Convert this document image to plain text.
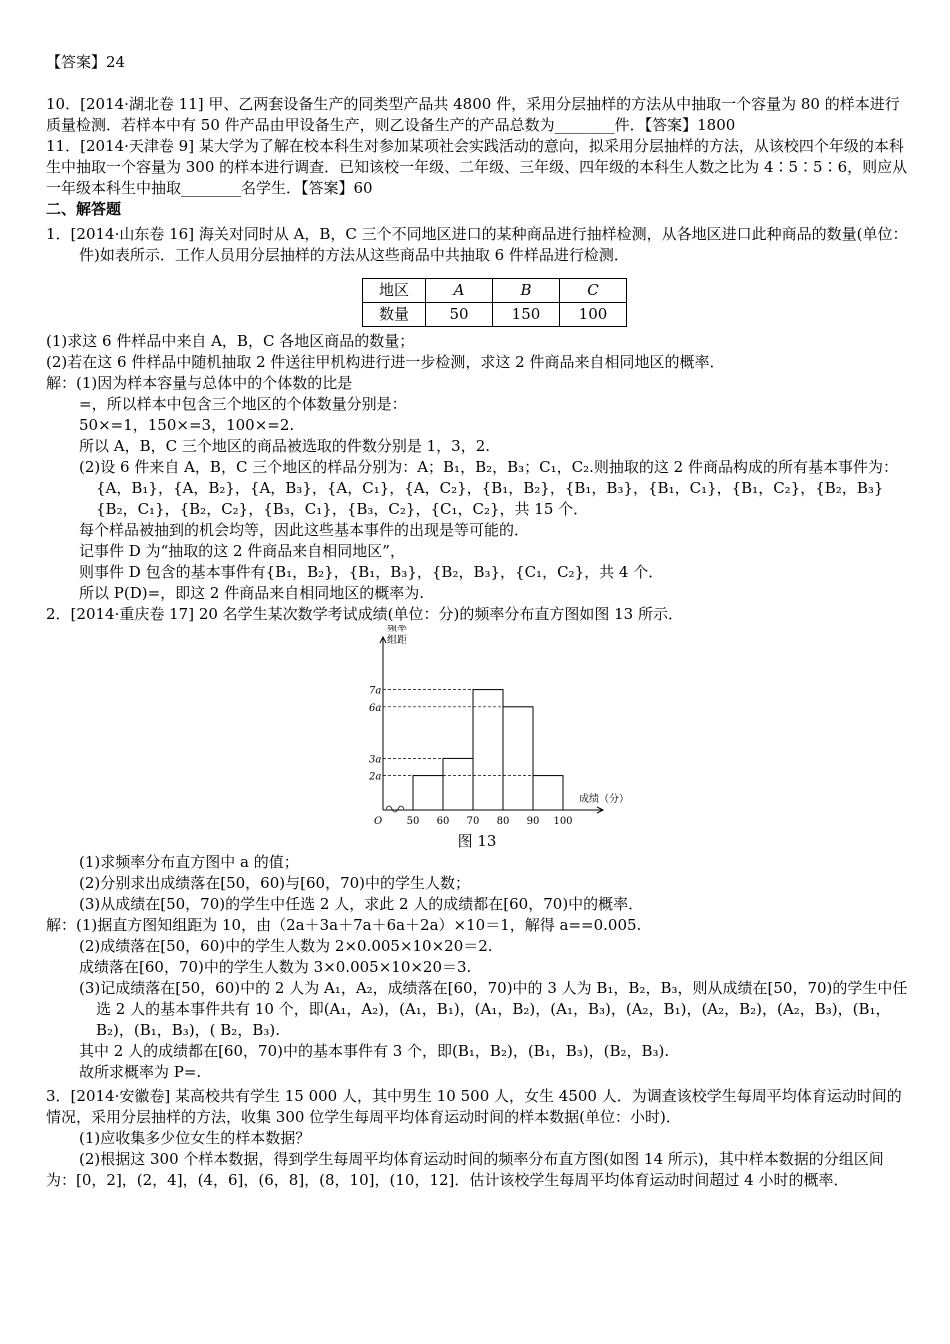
【答案】24

10．[2014·湖北卷 11] 甲、乙两套设备生产的同类型产品共 4800 件，采用分层抽样的方法从中抽取一个容量为 80 的样本进行质量检测．若样本中有 50 件产品由甲设备生产，则乙设备生产的产品总数为________件．【答案】1800

11．[2014·天津卷 9] 某大学为了解在校本科生对参加某项社会实践活动的意向，拟采用分层抽样的方法，从该校四个年级的本科生中抽取一个容量为 300 的样本进行调查．已知该校一年级、二年级、三年级、四年级的本科生人数之比为 4∶5∶5∶6，则应从一年级本科生中抽取________名学生．【答案】60

二、解答题

1．[2014·山东卷 16] 海关对同时从 A，B，C 三个不同地区进口的某种商品进行抽样检测，从各地区进口此种商品的数量(单位：件)如表所示．工作人员用分层抽样的方法从这些商品中共抽取 6 件样品进行检测．

地区	A	B	C
数量	50	150	100

(1)求这 6 件样品中来自 A，B，C 各地区商品的数量；

(2)若在这 6 件样品中随机抽取 2 件送往甲机构进行进一步检测，求这 2 件商品来自相同地区的概率．

解：(1)因为样本容量与总体中的个体数的比是

=，所以样本中包含三个地区的个体数量分别是：

50×=1，150×=3，100×=2.

所以 A，B，C 三个地区的商品被选取的件数分别是 1，3，2.

(2)设 6 件来自 A，B，C 三个地区的样品分别为：A；B₁，B₂，B₃；C₁，C₂.则抽取的这 2 件商品构成的所有基本事件为：{A，B₁}，{A，B₂}，{A，B₃}，{A，C₁}，{A，C₂}，{B₁，B₂}，{B₁，B₃}，{B₁，C₁}，{B₁，C₂}，{B₂，B₃}{B₂，C₁}，{B₂，C₂}，{B₃，C₁}，{B₃，C₂}，{C₁，C₂}，共 15 个．

每个样品被抽到的机会均等，因此这些基本事件的出现是等可能的．

记事件 D 为“抽取的这 2 件商品来自相同地区”，

则事件 D 包含的基本事件有{B₁，B₂}，{B₁，B₃}，{B₂，B₃}，{C₁，C₂}，共 4 个．

所以 P(D)=，即这 2 件商品来自相同地区的概率为.

2．[2014·重庆卷 17] 20 名学生某次数学考试成绩(单位：分)的频率分布直方图如图 13 所示．

频率
组距
成绩（分）
O
2a
3a
6a
7a
50 60 70 80 90 100

图 13

(1)求频率分布直方图中 a 的值；

(2)分别求出成绩落在[50，60)与[60，70)中的学生人数；

(3)从成绩在[50，70)的学生中任选 2 人，求此 2 人的成绩都在[60，70)中的概率．

解：(1)据直方图知组距为 10，由（2a＋3a＋7a＋6a＋2a）×10＝1，解得 a==0.005.

(2)成绩落在[50，60)中的学生人数为 2×0.005×10×20＝2.

成绩落在[60，70)中的学生人数为 3×0.005×10×20＝3.

(3)记成绩落在[50，60)中的 2 人为 A₁，A₂，成绩落在[60，70)中的 3 人为 B₁，B₂，B₃，则从成绩在[50，70)的学生中任选 2 人的基本事件共有 10 个，即(A₁，A₂)，(A₁，B₁)，(A₁，B₂)，(A₁，B₃)，(A₂，B₁)，(A₂，B₂)，(A₂，B₃)，(B₁，B₂)，(B₁，B₃)，( B₂，B₃).

其中 2 人的成绩都在[60，70)中的基本事件有 3 个，即(B₁，B₂)，(B₁，B₃)，(B₂，B₃).

故所求概率为 P=.

3．[2014·安徽卷] 某高校共有学生 15 000 人，其中男生 10 500 人，女生 4500 人．为调查该校学生每周平均体育运动时间的情况，采用分层抽样的方法，收集 300 位学生每周平均体育运动时间的样本数据(单位：小时)．

(1)应收集多少位女生的样本数据？

(2)根据这 300 个样本数据，得到学生每周平均体育运动时间的频率分布直方图(如图 14 所示)，其中样本数据的分组区间为：[0，2]，(2，4]，(4，6]，(6，8]，(8，10]，(10，12]．估计该校学生每周平均体育运动时间超过 4 小时的概率．
